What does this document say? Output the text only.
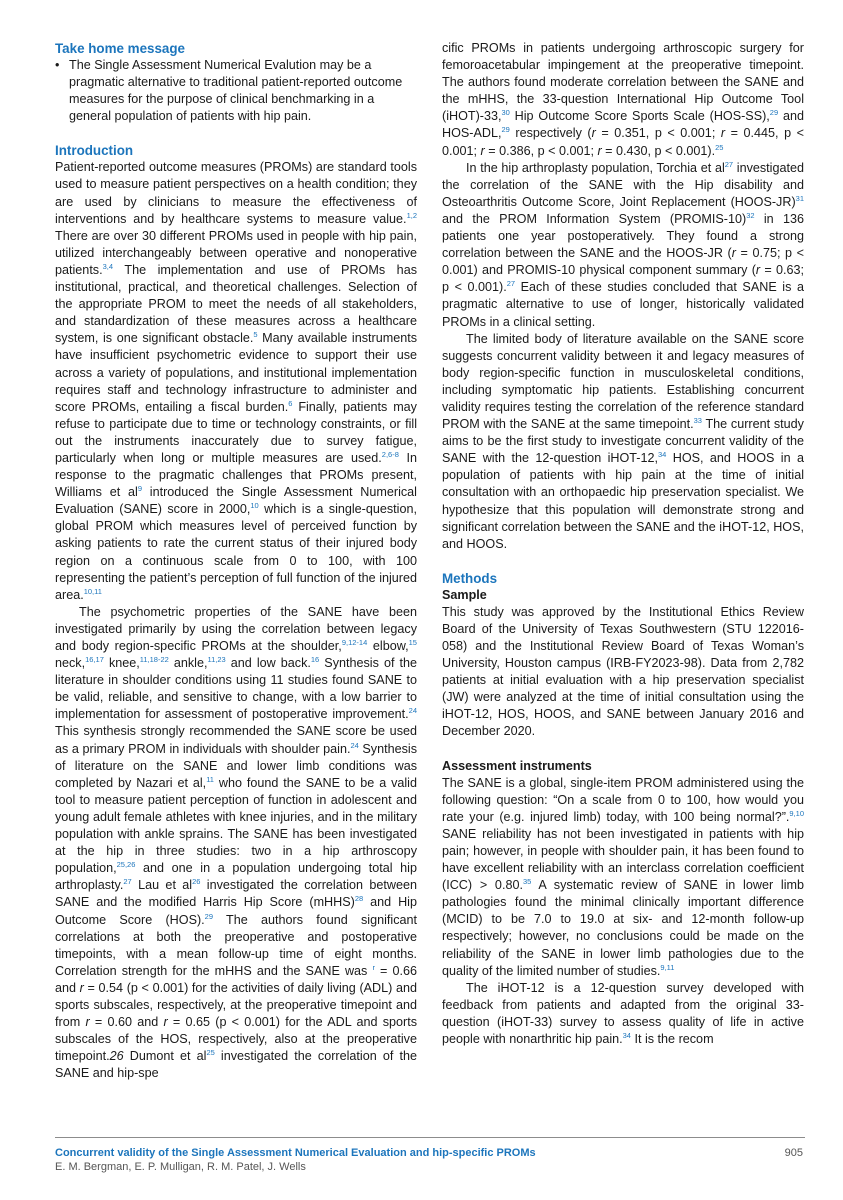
Take home message
• The Single Assessment Numerical Evalution may be a pragmatic alternative to traditional patient-reported outcome measures for the purpose of clinical benchmarking in a general population of patients with hip pain.
Introduction

Patient-reported outcome measures (PROMs) are standard tools used to measure patient perspectives on a health condition; they are used by clinicians to measure the effectiveness of interventions and by healthcare systems to measure value.$^{1,2}$ There are over 30 different PROMs used in people with hip pain, utilized interchangeably between operative and nonoperative patients.$^{3,4}$ The implementation and use of PROMs has institutional, practical, and theoretical challenges. Selection of the appropriate PROM to meet the needs of all stakeholders, and standardization of these measures across a healthcare system, is one significant obstacle.$^5$ Many available instruments have insufficient psychometric evidence to support their use across a variety of populations, and institutional implementation requires staff and technology infrastructure to administer and score PROMs, entailing a fiscal burden.$^6$ Finally, patients may refuse to participate due to time or technology constraints, or fill out the instruments inaccurately due to survey fatigue, particularly when long or multiple measures are used.$^{2,6-8}$ In response to the pragmatic challenges that PROMs present, Williams et $al^9$ introduced the Single Assessment Numerical Evaluation (SANE) score in 2000,10 which is a single-question, global PROM which measures level of perceived function by asking patients to rate the current status of their injured body region on a continuous scale from 0 to 100, with 100 representing the patient’s perception of full function of the injured area.$^{10,11}$

The psychometric properties of the SANE have been investigated primarily by using the correlation between legacy and body region-specific PROMs at the shoulder,$^{9,12-14}$ elbow,$^{15}$ neck,$^{16,17}$ knee,$^{11,18-22}$ ankle,$^{11,23}$ and low back.$^{16}$ Synthesis of the literature in shoulder conditions using 11 studies found SANE to be valid, reliable, and sensitive to change, with a low barrier to implementation for assessment of postoperative improvement.$^{24}$ This synthesis strongly recommended the SANE score be used as a primary PROM in individuals with shoulder pain.$^{24}$ Synthesis of literature on the SANE and lower limb conditions was completed by Nazari et al,$^{11}$ who found the SANE to be a valid tool to measure patient perception of function in adolescent and young adult female athletes with knee injuries, and in the military population with ankle sprains. The SANE has been investigated at the hip in three studies: two in a hip arthroscopy population,$^{25,26}$ and one in a population undergoing total hip arthroplasty.$^{27}$ Lau et $al^{26}$ investigated the correlation between SANE and the modified Harris Hip Score (mHHS)$^{28}$ and Hip Outcome Score (HOS).$^{29}$ The authors found significant correlations at both the preoperative and postoperative timepoints, with a mean follow-up time of eight months. Correlation strength for the mHHS and the SANE was $^r$ = 0.66 and r = 0.54 (p < 0.001) for the activities of daily living (ADL) and sports subscales, respectively, at the preoperative timepoint and from r = 0.60 and r = 0.65 (p < 0.001) for the ADL and sports subscales of the HOS, respectively, also at the preoperative timepoint.26 Dumont et $al^{25}$ investigated the correlation of the SANE and hip-spe

cific PROMs in patients undergoing arthroscopic surgery for femoroacetabular impingement at the preoperative timepoint. The authors found moderate correlation between the SANE and the mHHS, the 33-question International Hip Outcome Tool (iHOT)-33,30 Hip Outcome Score Sports Scale (HOS-SS),$^{29}$ and HOS-ADL,$^{29}$ respectively (r = 0.351, p < 0.001; r = 0.445, p < 0.001; r = 0.386, p < 0.001; r = 0.430, p < 0.001).$^{25}$

In the hip arthroplasty population, Torchia et $al^{27}$ investigated the correlation of the SANE with the Hip disability and Osteoarthritis Outcome Score, Joint Replacement (HOOS-JR)$^{31}$ and the PROM Information System (PROMIS-10)$^{32}$ in 136 patients one year postoperatively. They found a strong correlation between the SANE and the HOOS-JR (r = 0.75; p < 0.001) and PROMIS-10 physical component summary (r = 0.63; p < 0.001).$^{27}$ Each of these studies concluded that SANE is a pragmatic alternative to use of longer, historically validated PROMs in a clinical setting.

The limited body of literature available on the SANE score suggests concurrent validity between it and legacy measures of body region-specific function in musculoskeletal conditions, including symptomatic hip patients. Establishing concurrent validity requires testing the correlation of the reference standard PROM with the SANE at the same timepoint.$^{33}$ The current study aims to be the first study to investigate concurrent validity of the SANE with the 12-question iHOT-12,34 HOS, and HOOS in a population of patients with hip pain at the time of initial consultation with an orthopaedic hip preservation specialist. We hypothesize that this population will demonstrate strong and significant correlation between the SANE and the iHOT-12, HOS, and HOOS.

Methods
Sample

This study was approved by the Institutional Ethics Review Board of the University of Texas Southwestern (STU 122016-058) and the Institutional Review Board of Texas Woman’s University, Houston campus (IRB-FY2023-98). Data from 2,782 patients at initial evaluation with a hip preservation specialist (JW) were analyzed at the time of initial consultation using the iHOT-12, HOS, HOOS, and SANE between January 2016 and December 2020.

Assessment instruments

The SANE is a global, single-item PROM administered using the following question: “On a scale from 0 to 100, how would you rate your (e.g. injured limb) today, with 100 being normal?”.$^{9,10}$ SANE reliability has not been investigated in patients with hip pain; however, in people with shoulder pain, it has been found to have excellent reliability with an interclass correlation coefficient (ICC) > 0.80.35 A systematic review of SANE in lower limb pathologies found the minimal clinically important difference (MCID) to be 7.0 to 19.0 at six- and 12-month follow-up respectively; however, no conclusions could be made on the reliability of the SANE in lower limb pathologies due to the quality of the limited number of studies.$^{9,11}$

The iHOT-12 is a 12-question survey developed with feedback from patients and adapted from the original 33-question (iHOT-33) survey to assess quality of life in active people with nonarthritic hip pain.$^{34}$ It is the recom

Concurrent validity of the Single Assessment Numerical Evaluation and hip-specific PROMs
E. M. Bergman, E. P. Mulligan, R. M. Patel, J. Wells
905
